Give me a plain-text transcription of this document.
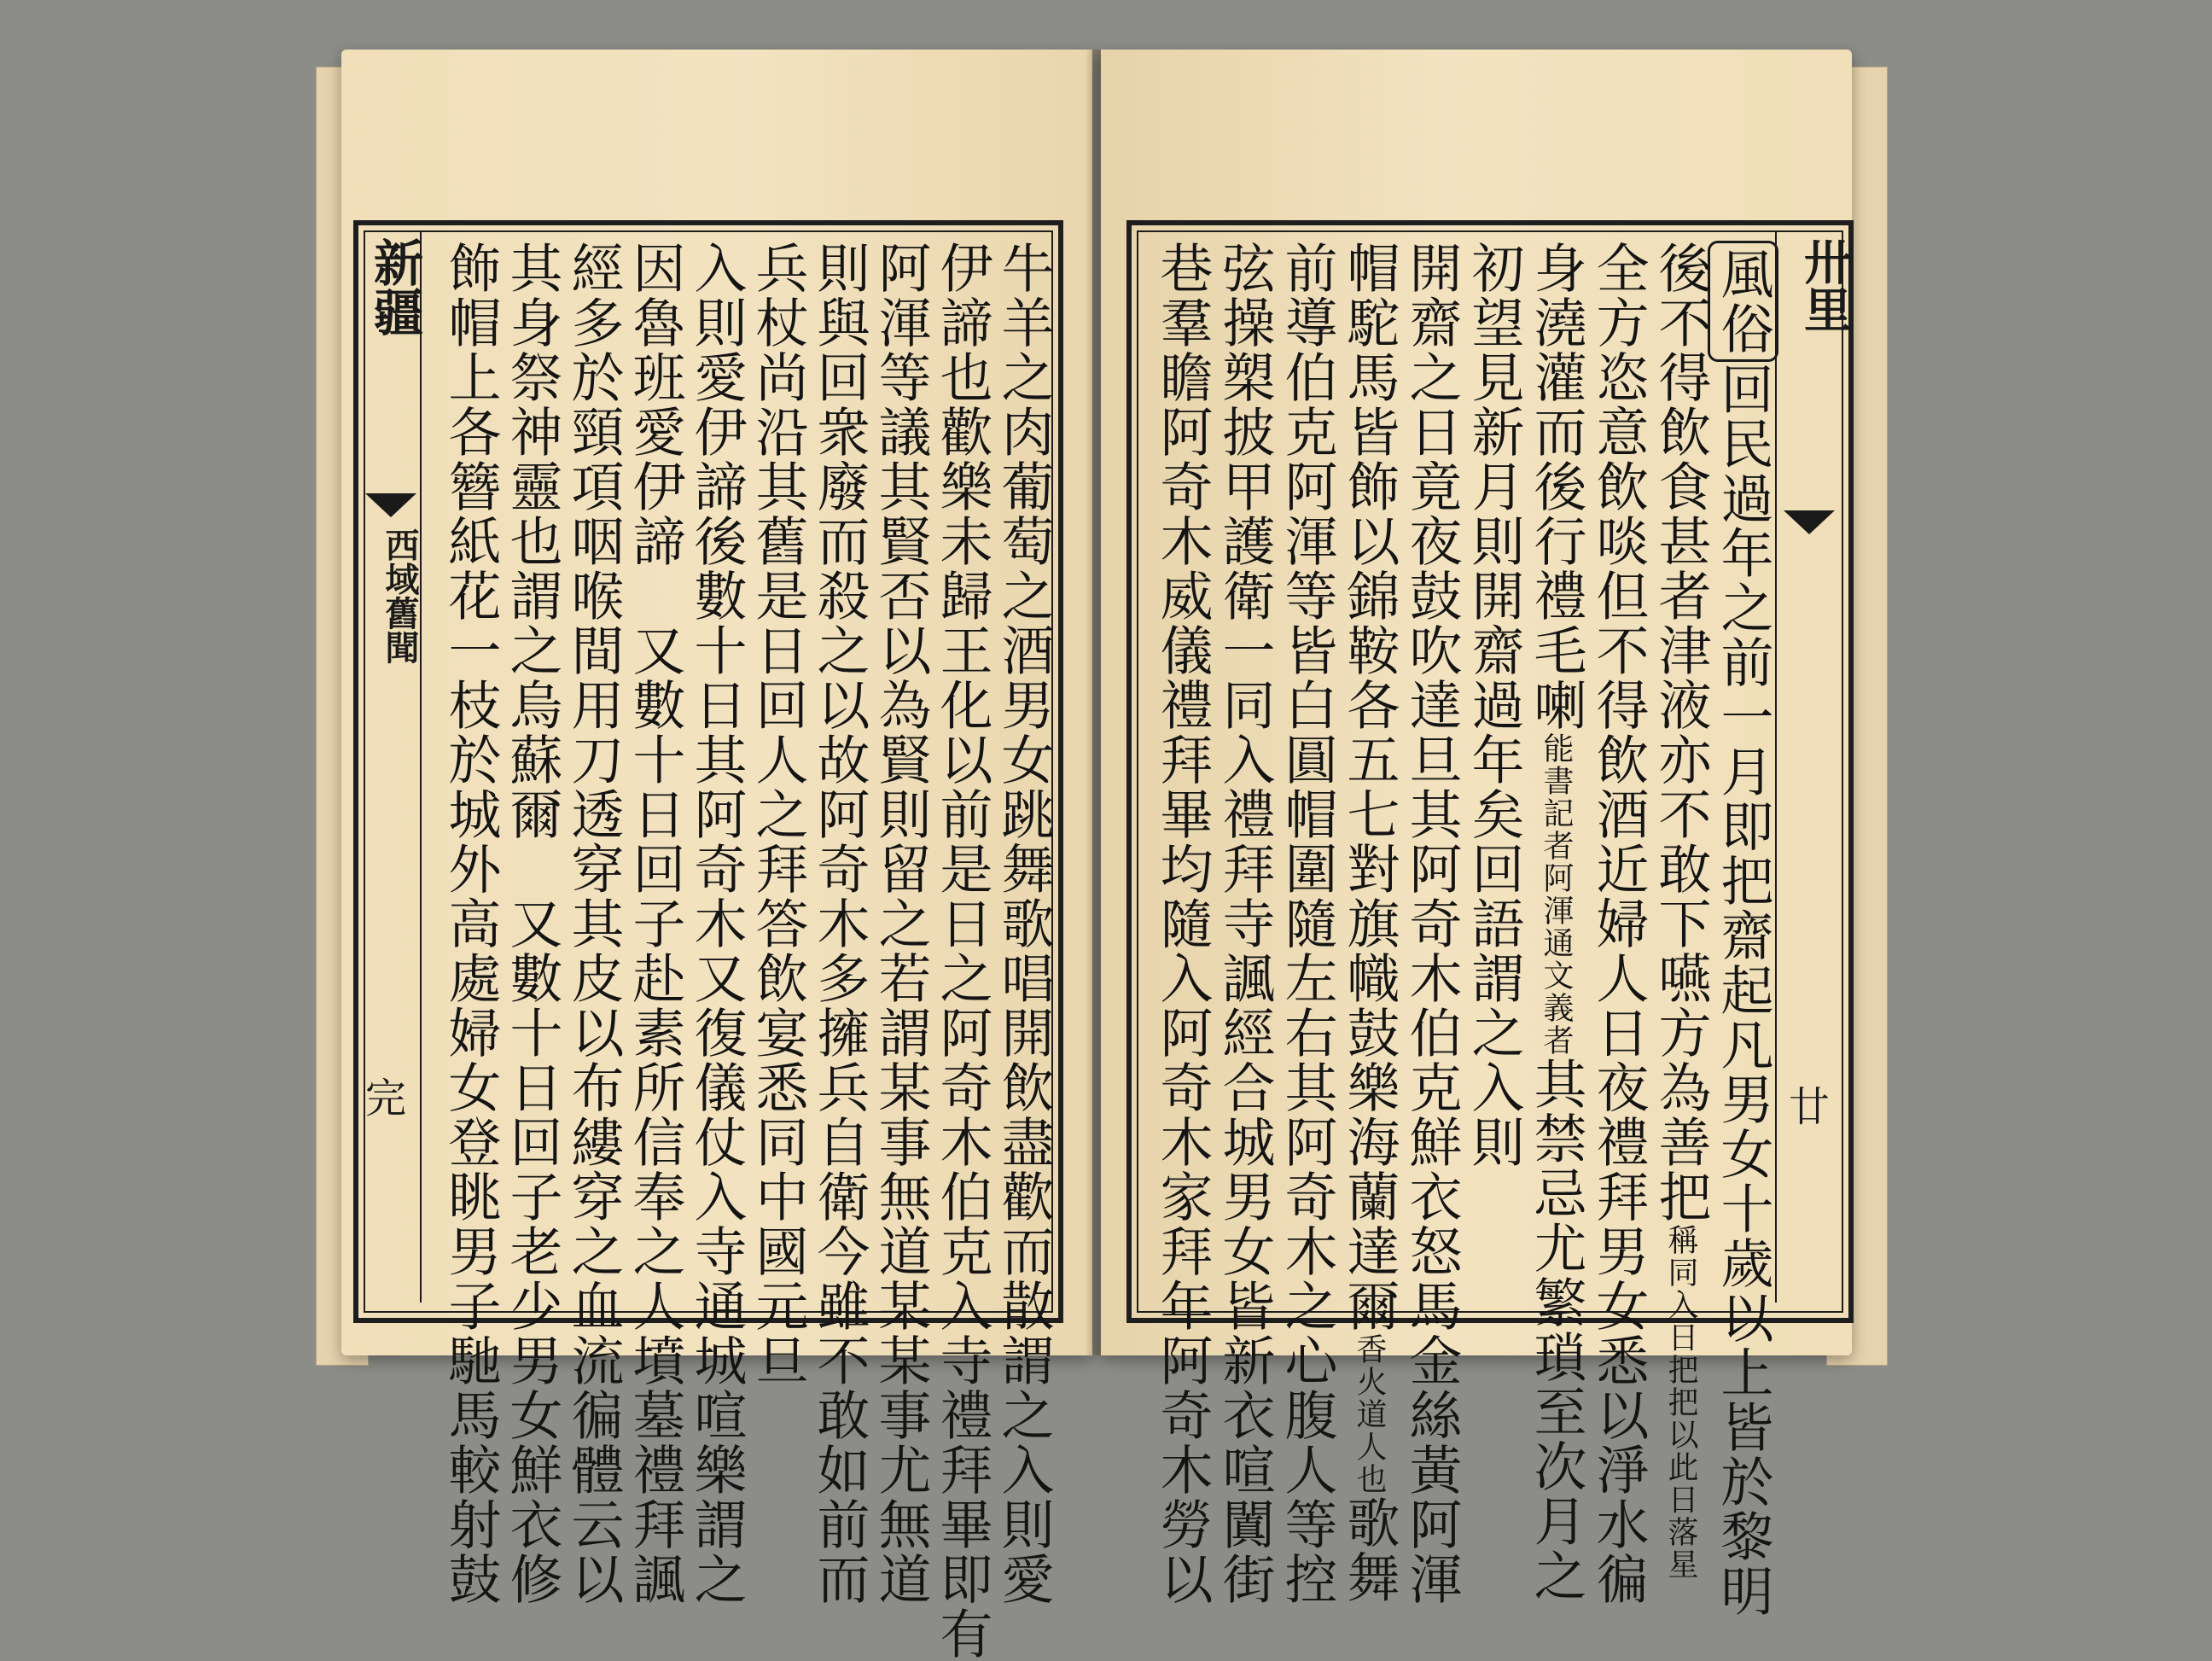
新疆
西域舊聞
完	牛羊之肉葡萄之酒男女跳舞歌唱開飲盡歡而散謂之入則愛
伊諦也歡樂未歸王化以前是日之阿奇木伯克入寺禮拜畢即有
阿渾等議其賢否以為賢則留之若謂某事無道某某事尤無道
則與回衆廢而殺之以故阿奇木多擁兵自衛今雖不敢如前而
兵杖尚沿其舊是日回人之拜答飲宴悉同中國元旦
入則愛伊諦後數十日其阿奇木又復儀仗入寺通城喧樂謂之
因魯班愛伊諦　又數十日回子赴素所信奉之人墳墓禮拜諷
經多於頸項咽喉間用刀透穿其皮以布縷穿之血流徧體云以
其身祭神靈也謂之烏蘇爾　又數十日回子老少男女鮮衣修
飾帽上各簪紙花一枝於城外高處婦女登眺男子馳馬較射鼓	風俗回民過年之前一月即把齋起凡男女十歲以上皆於黎明
後不得飲食甚者津液亦不敢下嚥方為善把稱同入日把把以此日落星
全方恣意飲啖但不得飲酒近婦人日夜禮拜男女悉以淨水徧
身澆灌而後行禮毛喇能書記者阿渾通文義者其禁忌尤繁瑣至次月之
初望見新月則開齋過年矣回語謂之入則
開齋之日竟夜鼓吹達旦其阿奇木伯克鮮衣怒馬金絲黃阿渾
帽駝馬皆飾以錦鞍各五七對旗幟鼓樂海蘭達爾香火道人也歌舞
前導伯克阿渾等皆白圓帽圍隨左右其阿奇木之心腹人等控
弦操槊披甲護衛一同入禮拜寺諷經合城男女皆新衣喧闐街
巷羣瞻阿奇木威儀禮拜畢均隨入阿奇木家拜年阿奇木勞以	卅里
廿
